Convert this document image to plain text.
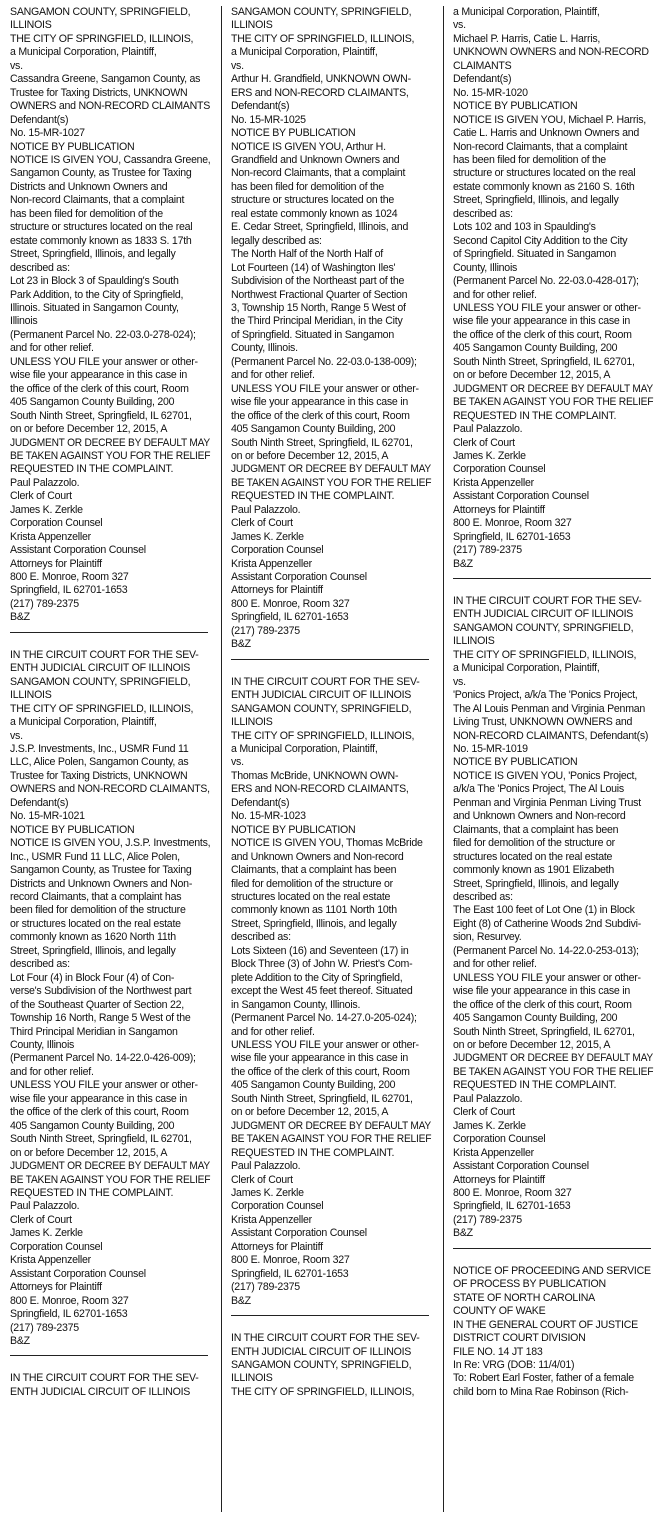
SANGAMON COUNTY, SPRINGFIELD,
ILLINOIS
THE CITY OF SPRINGFIELD, ILLINOIS,
a Municipal Corporation, Plaintiff,
vs.
Cassandra Greene, Sangamon County, as
Trustee for Taxing Districts, UNKNOWN
OWNERS and NON-RECORD CLAIMANTS
Defendant(s)
No. 15-MR-1027
NOTICE BY PUBLICATION
NOTICE IS GIVEN YOU, Cassandra Greene,
Sangamon County, as Trustee for Taxing
Districts and Unknown Owners and
Non-record Claimants, that a complaint
has been filed for demolition of the
structure or structures located on the real
estate commonly known as 1833 S. 17th
Street, Springfield, Illinois, and legally
described as:
Lot 23 in Block 3 of Spaulding's South
Park Addition, to the City of Springfield,
Illinois. Situated in Sangamon County,
Illinois
(Permanent Parcel No. 22-03.0-278-024);
and for other relief.
UNLESS YOU FILE your answer or other-
wise file your appearance in this case in
the office of the clerk of this court, Room
405 Sangamon County Building, 200
South Ninth Street, Springfield, IL 62701,
on or before December 12, 2015, A
JUDGMENT OR DECREE BY DEFAULT MAY
BE TAKEN AGAINST YOU FOR THE RELIEF
REQUESTED IN THE COMPLAINT.
Paul Palazzolo.
Clerk of Court
James K. Zerkle
Corporation Counsel
Krista Appenzeller
Assistant Corporation Counsel
Attorneys for Plaintiff
800 E. Monroe, Room 327
Springfield, IL 62701-1653
(217) 789-2375
B&Z
IN THE CIRCUIT COURT FOR THE SEV-
ENTH JUDICIAL CIRCUIT OF ILLINOIS
SANGAMON COUNTY, SPRINGFIELD,
ILLINOIS
THE CITY OF SPRINGFIELD, ILLINOIS,
a Municipal Corporation, Plaintiff,
vs.
J.S.P. Investments, Inc., USMR Fund 11
LLC, Alice Polen, Sangamon County, as
Trustee for Taxing Districts, UNKNOWN
OWNERS and NON-RECORD CLAIMANTS,
Defendant(s)
No. 15-MR-1021
NOTICE BY PUBLICATION
NOTICE IS GIVEN YOU, J.S.P. Investments,
Inc., USMR Fund 11 LLC, Alice Polen,
Sangamon County, as Trustee for Taxing
Districts and Unknown Owners and Non-
record Claimants, that a complaint has
been filed for demolition of the structure
or structures located on the real estate
commonly known as 1620 North 11th
Street, Springfield, Illinois, and legally
described as:
Lot Four (4) in Block Four (4) of Con-
verse's Subdivision of the Northwest part
of the Southeast Quarter of Section 22,
Township 16 North, Range 5 West of the
Third Principal Meridian in Sangamon
County, Illinois
(Permanent Parcel No. 14-22.0-426-009);
and for other relief.
UNLESS YOU FILE your answer or other-
wise file your appearance in this case in
the office of the clerk of this court, Room
405 Sangamon County Building, 200
South Ninth Street, Springfield, IL 62701,
on or before December 12, 2015, A
JUDGMENT OR DECREE BY DEFAULT MAY
BE TAKEN AGAINST YOU FOR THE RELIEF
REQUESTED IN THE COMPLAINT.
Paul Palazzolo.
Clerk of Court
James K. Zerkle
Corporation Counsel
Krista Appenzeller
Assistant Corporation Counsel
Attorneys for Plaintiff
800 E. Monroe, Room 327
Springfield, IL 62701-1653
(217) 789-2375
B&Z
IN THE CIRCUIT COURT FOR THE SEV-
ENTH JUDICIAL CIRCUIT OF ILLINOIS
SANGAMON COUNTY, SPRINGFIELD,
ILLINOIS
THE CITY OF SPRINGFIELD, ILLINOIS,
a Municipal Corporation, Plaintiff,
vs.
Arthur H. Grandfield, UNKNOWN OWN-
ERS and NON-RECORD CLAIMANTS,
Defendant(s)
No. 15-MR-1025
NOTICE BY PUBLICATION
NOTICE IS GIVEN YOU, Arthur H.
Grandfield and Unknown Owners and
Non-record Claimants, that a complaint
has been filed for demolition of the
structure or structures located on the
real estate commonly known as 1024
E. Cedar Street, Springfield, Illinois, and
legally described as:
The North Half of the North Half of
Lot Fourteen (14) of Washington Iles'
Subdivision of the Northeast part of the
Northwest Fractional Quarter of Section
3, Township 15 North, Range 5 West of
the Third Principal Meridian, in the City
of Springfield. Situated in Sangamon
County, Illinois.
(Permanent Parcel No. 22-03.0-138-009);
and for other relief.
UNLESS YOU FILE your answer or other-
wise file your appearance in this case in
the office of the clerk of this court, Room
405 Sangamon County Building, 200
South Ninth Street, Springfield, IL 62701,
on or before December 12, 2015, A
JUDGMENT OR DECREE BY DEFAULT MAY
BE TAKEN AGAINST YOU FOR THE RELIEF
REQUESTED IN THE COMPLAINT.
Paul Palazzolo.
Clerk of Court
James K. Zerkle
Corporation Counsel
Krista Appenzeller
Assistant Corporation Counsel
Attorneys for Plaintiff
800 E. Monroe, Room 327
Springfield, IL 62701-1653
(217) 789-2375
B&Z
IN THE CIRCUIT COURT FOR THE SEV-
ENTH JUDICIAL CIRCUIT OF ILLINOIS
SANGAMON COUNTY, SPRINGFIELD,
ILLINOIS
THE CITY OF SPRINGFIELD, ILLINOIS,
a Municipal Corporation, Plaintiff,
vs.
Thomas McBride, UNKNOWN OWN-
ERS and NON-RECORD CLAIMANTS,
Defendant(s)
No. 15-MR-1023
NOTICE BY PUBLICATION
NOTICE IS GIVEN YOU, Thomas McBride
and Unknown Owners and Non-record
Claimants, that a complaint has been
filed for demolition of the structure or
structures located on the real estate
commonly known as 1101 North 10th
Street, Springfield, Illinois, and legally
described as:
Lots Sixteen (16) and Seventeen (17) in
Block Three (3) of John W. Priest's Com-
plete Addition to the City of Springfield,
except the West 45 feet thereof. Situated
in Sangamon County, Illinois.
(Permanent Parcel No. 14-27.0-205-024);
and for other relief.
UNLESS YOU FILE your answer or other-
wise file your appearance in this case in
the office of the clerk of this court, Room
405 Sangamon County Building, 200
South Ninth Street, Springfield, IL 62701,
on or before December 12, 2015, A
JUDGMENT OR DECREE BY DEFAULT MAY
BE TAKEN AGAINST YOU FOR THE RELIEF
REQUESTED IN THE COMPLAINT.
Paul Palazzolo.
Clerk of Court
James K. Zerkle
Corporation Counsel
Krista Appenzeller
Assistant Corporation Counsel
Attorneys for Plaintiff
800 E. Monroe, Room 327
Springfield, IL 62701-1653
(217) 789-2375
B&Z
IN THE CIRCUIT COURT FOR THE SEV-
ENTH JUDICIAL CIRCUIT OF ILLINOIS
SANGAMON COUNTY, SPRINGFIELD,
ILLINOIS
THE CITY OF SPRINGFIELD, ILLINOIS,
a Municipal Corporation, Plaintiff,
vs.
Michael P. Harris, Catie L. Harris,
UNKNOWN OWNERS and NON-RECORD
CLAIMANTS
Defendant(s)
No. 15-MR-1020
NOTICE BY PUBLICATION
NOTICE IS GIVEN YOU, Michael P. Harris,
Catie L. Harris and Unknown Owners and
Non-record Claimants, that a complaint
has been filed for demolition of the
structure or structures located on the real
estate commonly known as 2160 S. 16th
Street, Springfield, Illinois, and legally
described as:
Lots 102 and 103 in Spaulding's
Second Capitol City Addition to the City
of Springfield. Situated in Sangamon
County, Illinois
(Permanent Parcel No. 22-03.0-428-017);
and for other relief.
UNLESS YOU FILE your answer or other-
wise file your appearance in this case in
the office of the clerk of this court, Room
405 Sangamon County Building, 200
South Ninth Street, Springfield, IL 62701,
on or before December 12, 2015, A
JUDGMENT OR DECREE BY DEFAULT MAY
BE TAKEN AGAINST YOU FOR THE RELIEF
REQUESTED IN THE COMPLAINT.
Paul Palazzolo.
Clerk of Court
James K. Zerkle
Corporation Counsel
Krista Appenzeller
Assistant Corporation Counsel
Attorneys for Plaintiff
800 E. Monroe, Room 327
Springfield, IL 62701-1653
(217) 789-2375
B&Z
IN THE CIRCUIT COURT FOR THE SEV-
ENTH JUDICIAL CIRCUIT OF ILLINOIS
SANGAMON COUNTY, SPRINGFIELD,
ILLINOIS
THE CITY OF SPRINGFIELD, ILLINOIS,
a Municipal Corporation, Plaintiff,
vs.
'Ponics Project, a/k/a The 'Ponics Project,
The Al Louis Penman and Virginia Penman
Living Trust, UNKNOWN OWNERS and
NON-RECORD CLAIMANTS, Defendant(s)
No. 15-MR-1019
NOTICE BY PUBLICATION
NOTICE IS GIVEN YOU, 'Ponics Project,
a/k/a The 'Ponics Project, The Al Louis
Penman and Virginia Penman Living Trust
and Unknown Owners and Non-record
Claimants, that a complaint has been
filed for demolition of the structure or
structures located on the real estate
commonly known as 1901 Elizabeth
Street, Springfield, Illinois, and legally
described as:
The East 100 feet of Lot One (1) in Block
Eight (8) of Catherine Woods 2nd Subdivi-
sion, Resurvey.
(Permanent Parcel No. 14-22.0-253-013);
and for other relief.
UNLESS YOU FILE your answer or other-
wise file your appearance in this case in
the office of the clerk of this court, Room
405 Sangamon County Building, 200
South Ninth Street, Springfield, IL 62701,
on or before December 12, 2015, A
JUDGMENT OR DECREE BY DEFAULT MAY
BE TAKEN AGAINST YOU FOR THE RELIEF
REQUESTED IN THE COMPLAINT.
Paul Palazzolo.
Clerk of Court
James K. Zerkle
Corporation Counsel
Krista Appenzeller
Assistant Corporation Counsel
Attorneys for Plaintiff
800 E. Monroe, Room 327
Springfield, IL 62701-1653
(217) 789-2375
B&Z
NOTICE OF PROCEEDING AND SERVICE
OF PROCESS BY PUBLICATION
STATE OF NORTH CAROLINA
COUNTY OF WAKE
IN THE GENERAL COURT OF JUSTICE
DISTRICT COURT DIVISION
FILE NO. 14 JT 183
In Re: VRG (DOB: 11/4/01)
To: Robert Earl Foster, father of a female
child born to Mina Rae Robinson (Rich-
